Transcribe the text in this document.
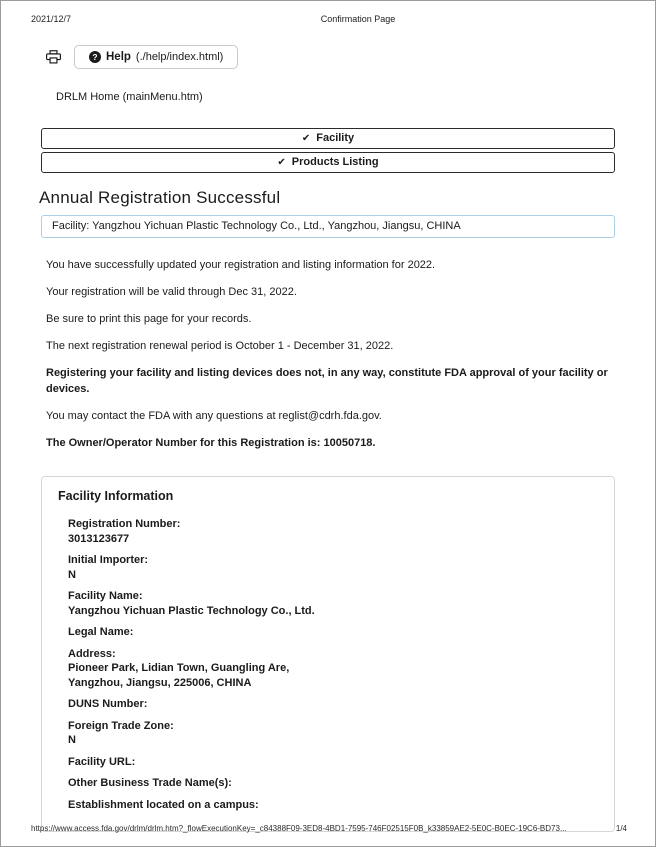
2021/12/7	Confirmation Page
? Help (./help/index.html)
DRLM Home (mainMenu.htm)
✔ Facility
✔ Products Listing
Annual Registration Successful
Facility: Yangzhou Yichuan Plastic Technology Co., Ltd., Yangzhou, Jiangsu, CHINA

You have successfully updated your registration and listing information for 2022.

Your registration will be valid through Dec 31, 2022.

Be sure to print this page for your records.

The next registration renewal period is October 1 - December 31, 2022.

Registering your facility and listing devices does not, in any way, constitute FDA approval of your facility or devices.

You may contact the FDA with any questions at reglist@cdrh.fda.gov.

The Owner/Operator Number for this Registration is: 10050718.

Facility Information
Registration Number:
3013123677
Initial Importer:
N
Facility Name:
Yangzhou Yichuan Plastic Technology Co., Ltd.
Legal Name:
Address:
Pioneer Park, Lidian Town, Guangling Are,
Yangzhou, Jiangsu, 225006, CHINA
DUNS Number:
Foreign Trade Zone:
N
Facility URL:
Other Business Trade Name(s):
Establishment located on a campus:
https://www.access.fda.gov/drlm/drlm.htm?_flowExecutionKey=_c84388F09-3ED8-4BD1-7595-746F02515F0B_k33859AE2-5E0C-B0EC-19C6-BD73...	1/4
